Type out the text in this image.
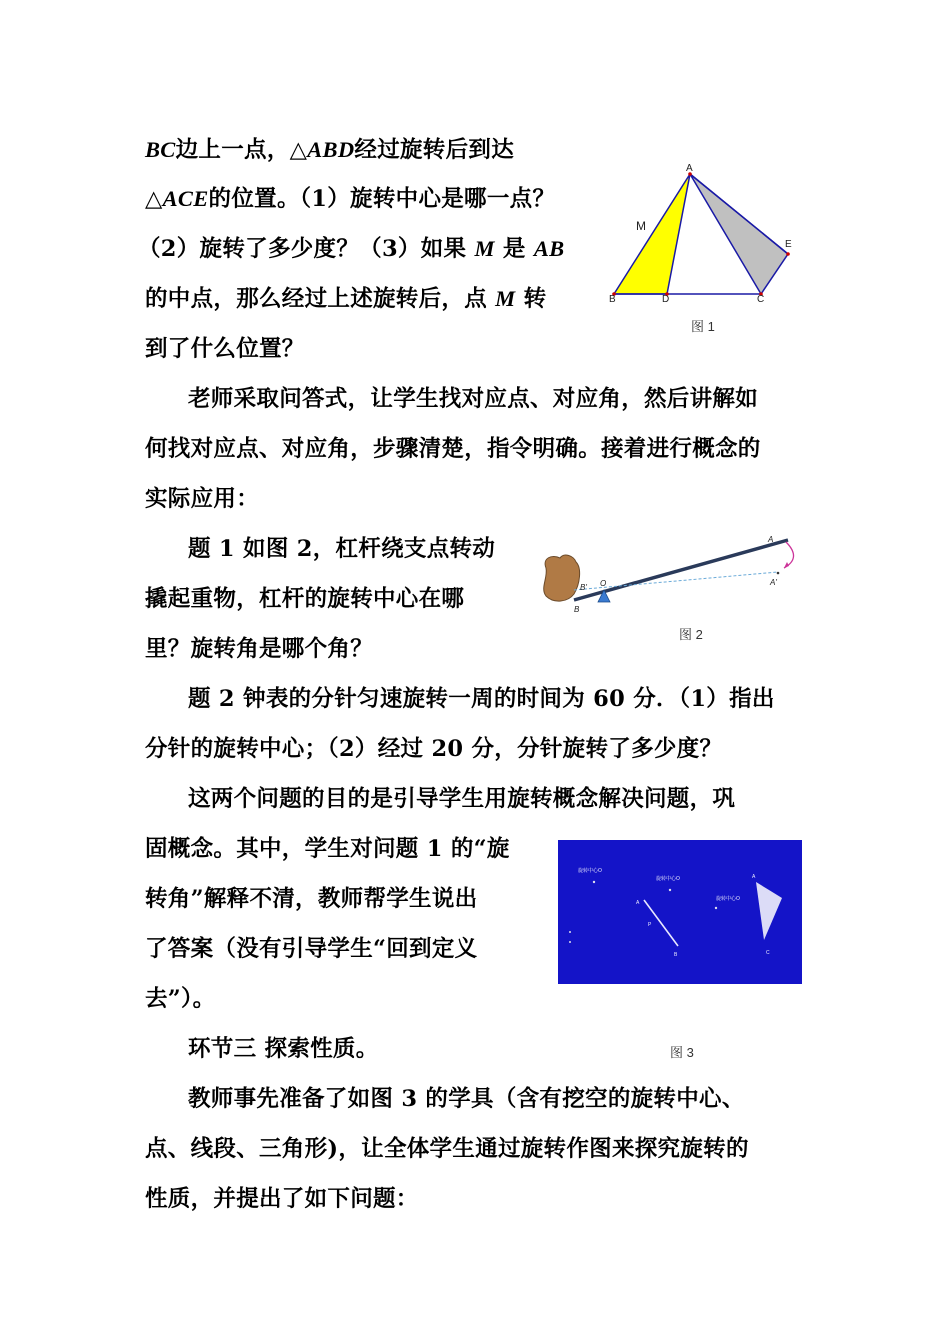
BC边上一点，△ABD经过旋转后到达
△ACE的位置。（1）旋转中心是哪一点？
（2）旋转了多少度？（3）如果 M 是 AB
的中点，那么经过上述旋转后，点 M 转
到了什么位置？
老师采取问答式，让学生找对应点、对应角，然后讲解如
何找对应点、对应角，步骤清楚，指令明确。接着进行概念的
实际应用：
题 1 如图 2，杠杆绕支点转动
撬起重物，杠杆的旋转中心在哪
里？旋转角是哪个角？
题 2 钟表的分针匀速旋转一周的时间为 60 分．（1）指出
分针的旋转中心；（2）经过 20 分，分针旋转了多少度？
这两个问题的目的是引导学生用旋转概念解决问题，巩
固概念。其中，学生对问题 1 的“旋
转角”解释不清，教师帮学生说出
了答案（没有引导学生“回到定义
去”）。
环节三 探索性质。
教师事先准备了如图 3 的学具（含有挖空的旋转中心、
点、线段、三角形)，让全体学生通过旋转作图来探究旋转的
性质，并提出了如下问题：
A
B	D	C
E
M
图 1
A
A'
B'
B
O
图 2
旋转中心O
旋转中心O
旋转中心O
A
B
P
A
C
图 3
